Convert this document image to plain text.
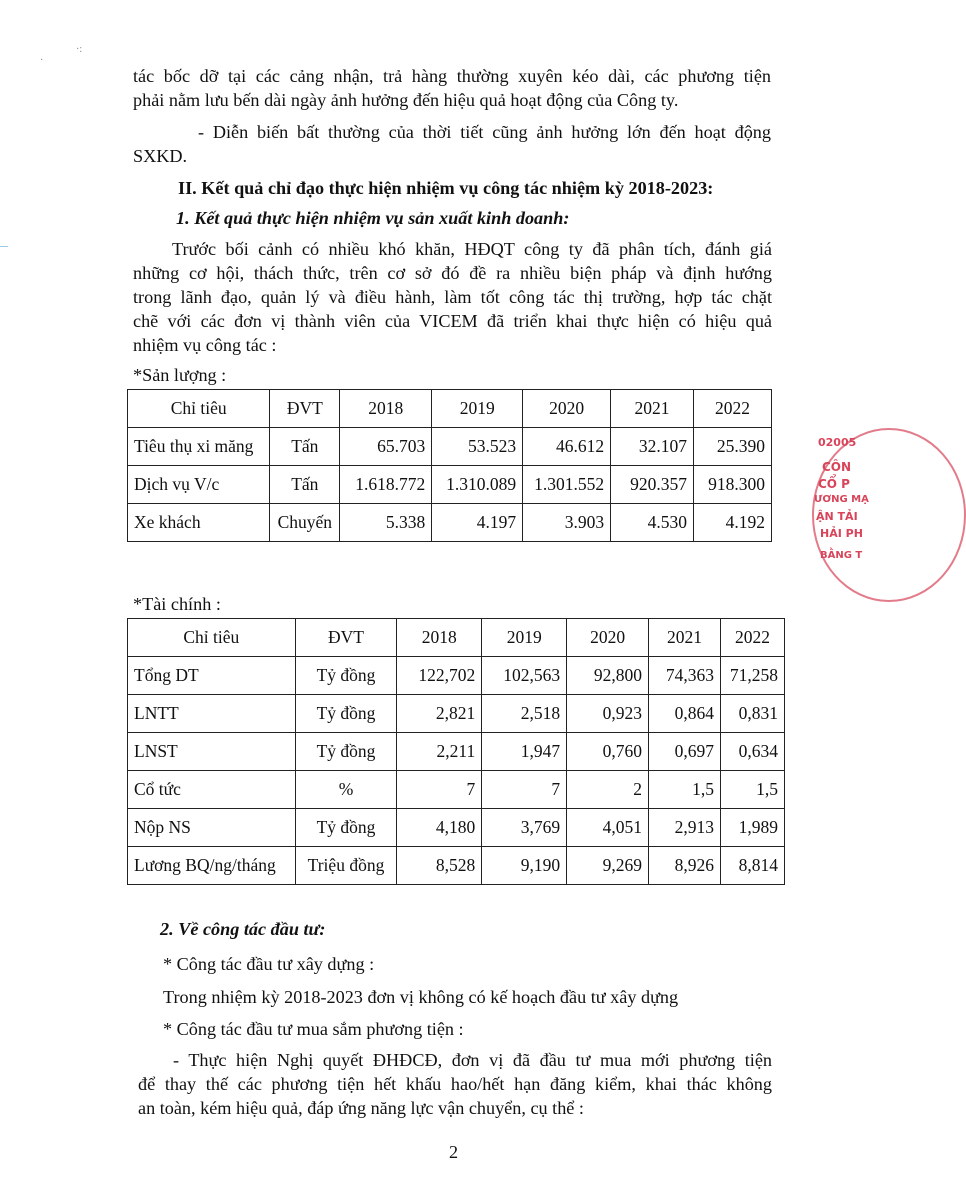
·
·:
tác bốc dỡ tại các cảng nhận, trả hàng thường xuyên kéo dài, các phương tiện
phải nằm lưu bến dài ngày ảnh hưởng đến hiệu quả hoạt động của Công ty.
- Diễn biến bất thường của thời tiết cũng ảnh hưởng lớn đến hoạt động
SXKD.
II. Kết quả chỉ đạo thực hiện nhiệm vụ công tác nhiệm kỳ 2018-2023:
1. Kết quả thực hiện nhiệm vụ sản xuất kinh doanh:
Trước bối cảnh có nhiều khó khăn, HĐQT công ty đã phân tích, đánh giá
những cơ hội, thách thức, trên cơ sở đó đề ra nhiều biện pháp và định hướng
trong lãnh đạo, quản lý và điều hành, làm tốt công tác thị trường, hợp tác chặt
chẽ với các đơn vị thành viên của VICEM đã triển khai thực hiện có hiệu quả
nhiệm vụ công tác :
*Sản lượng :
Chỉ tiêu	ĐVT	2018	2019	2020	2021	2022
Tiêu thụ xi măng	Tấn	65.703	53.523	46.612	32.107	25.390
Dịch vụ V/c	Tấn	1.618.772	1.310.089	1.301.552	920.357	918.300
Xe khách	Chuyến	5.338	4.197	3.903	4.530	4.192
*Tài chính :
Chỉ tiêu	ĐVT	2018	2019	2020	2021	2022
Tổng DT	Tỷ đồng	122,702	102,563	92,800	74,363	71,258
LNTT	Tỷ đồng	2,821	2,518	0,923	0,864	0,831
LNST	Tỷ đồng	2,211	1,947	0,760	0,697	0,634
Cổ tức	%	7	7	2	1,5	1,5
Nộp NS	Tỷ đồng	4,180	3,769	4,051	2,913	1,989
Lương BQ/ng/tháng	Triệu đồng	8,528	9,190	9,269	8,926	8,814
2. Về công tác đầu tư:
* Công tác đầu tư xây dựng :
Trong nhiệm kỳ 2018-2023 đơn vị không có kế hoạch đầu tư xây dựng
* Công tác đầu tư mua sắm phương tiện :
- Thực hiện Nghị quyết ĐHĐCĐ, đơn vị đã đầu tư mua mới phương tiện
để thay thế các phương tiện hết khấu hao/hết hạn đăng kiểm, khai thác không
an toàn, kém hiệu quả, đáp ứng năng lực vận chuyển, cụ thể :
2
02005
CÔN
CỔ P
ƯƠNG MẠ
ẬN TẢI
HẢI PH
BẰNG T
